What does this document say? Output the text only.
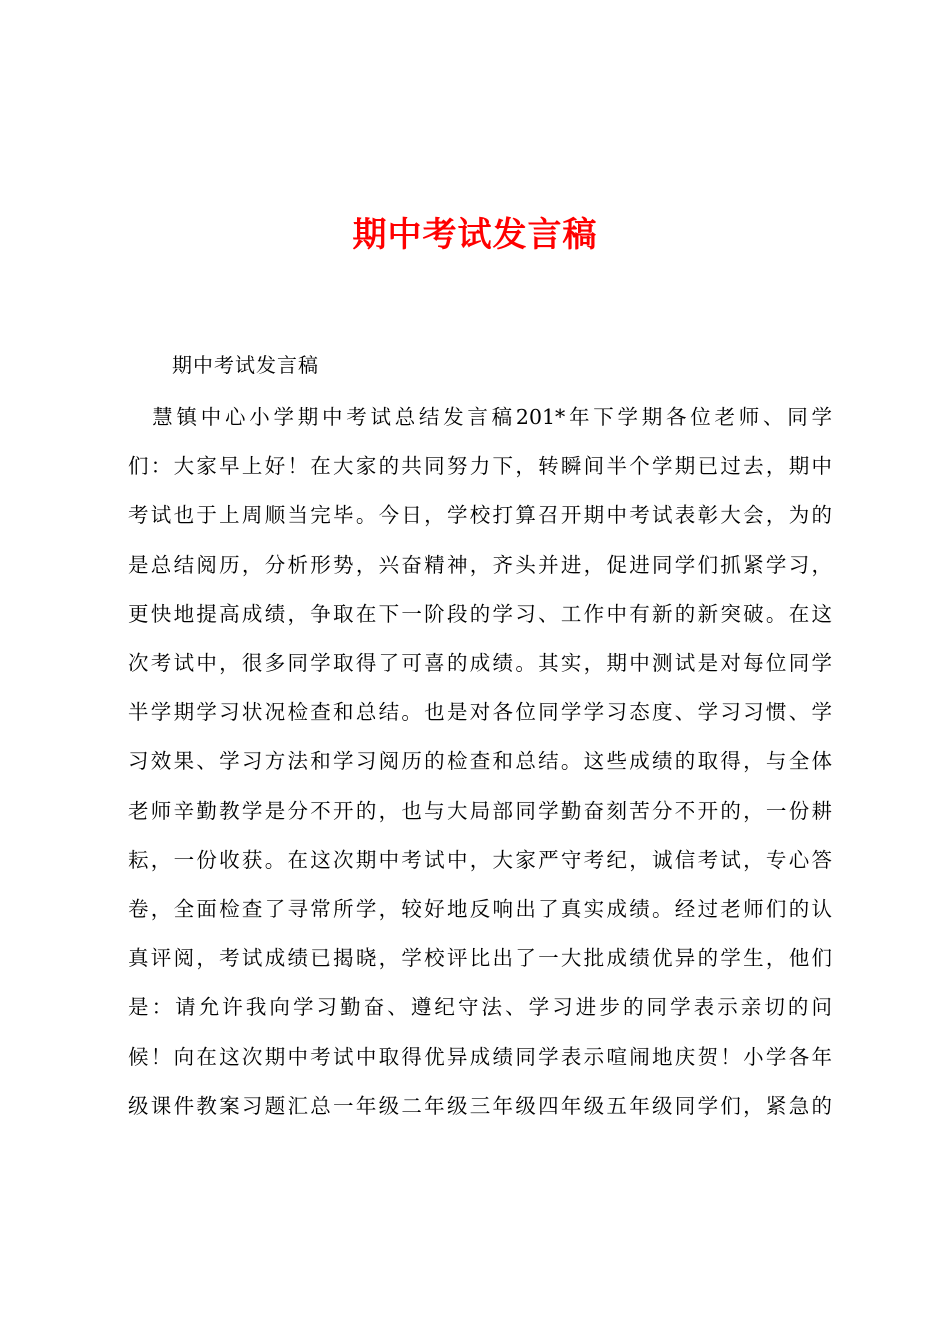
期中考试发言稿

期中考试发言稿

　慧镇中心小学期中考试总结发言稿201*年下学期各位老师、同学
们：大家早上好！在大家的共同努力下，转瞬间半个学期已过去，期中
考试也于上周顺当完毕。今日，学校打算召开期中考试表彰大会，为的
是总结阅历，分析形势，兴奋精神，齐头并进，促进同学们抓紧学习，
更快地提高成绩，争取在下一阶段的学习、工作中有新的新突破。在这
次考试中，很多同学取得了可喜的成绩。其实，期中测试是对每位同学
半学期学习状况检查和总结。也是对各位同学学习态度、学习习惯、学
习效果、学习方法和学习阅历的检查和总结。这些成绩的取得，与全体
老师辛勤教学是分不开的，也与大局部同学勤奋刻苦分不开的，一份耕
耘，一份收获。在这次期中考试中，大家严守考纪，诚信考试，专心答
卷，全面检查了寻常所学，较好地反响出了真实成绩。经过老师们的认
真评阅，考试成绩已揭晓，学校评比出了一大批成绩优异的学生，他们
是：请允许我向学习勤奋、遵纪守法、学习进步的同学表示亲切的问
候！向在这次期中考试中取得优异成绩同学表示喧闹地庆贺！小学各年
级课件教案习题汇总一年级二年级三年级四年级五年级同学们，紧急的
